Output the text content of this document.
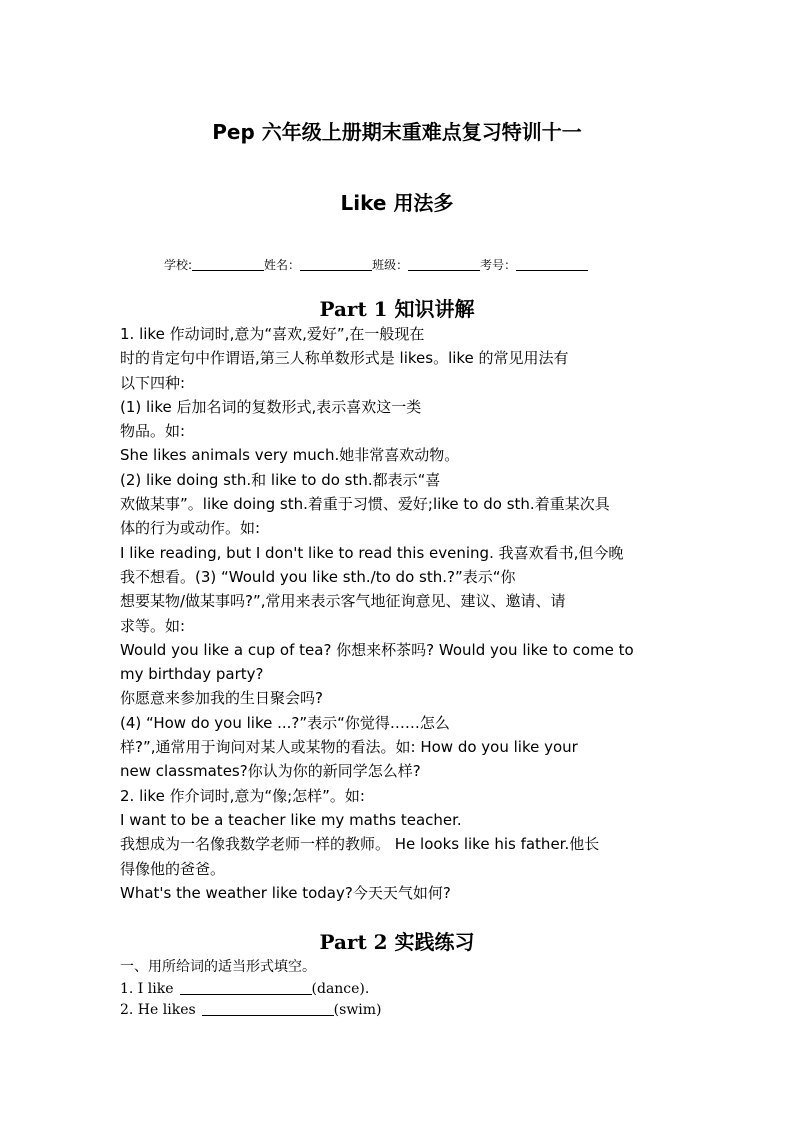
Pep 六年级上册期末重难点复习特训十一
Like 用法多
学校:	姓名：	班级：	考号：
Part 1 知识讲解
1. like 作动词时,意为“喜欢,爱好”,在一般现在
时的肯定句中作谓语,第三人称单数形式是 likes。like 的常见用法有
以下四种:
(1) like 后加名词的复数形式,表示喜欢这一类
物品。如:
She likes animals very much.她非常喜欢动物。
(2) like doing sth.和 like to do sth.都表示“喜
欢做某事”。like doing sth.着重于习惯、爱好;like to do sth.着重某次具
体的行为或动作。如:
I like reading, but I don't like to read this evening. 我喜欢看书,但今晚
我不想看。(3) “Would you like sth./to do sth.?”表示“你
想要某物/做某事吗?”,常用来表示客气地征询意见、建议、邀请、请
求等。如:
Would you like a cup of tea? 你想来杯茶吗? Would you like to come to
my birthday party?
你愿意来参加我的生日聚会吗?
(4) “How do you like ...?”表示“你觉得……怎么
样?”,通常用于询问对某人或某物的看法。如: How do you like your
new classmates?你认为你的新同学怎么样?
2. like 作介词时,意为“像;怎样”。如:
I want to be a teacher like my maths teacher.
我想成为一名像我数学老师一样的教师。 He looks like his father.他长
得像他的爸爸。
What's the weather like today?今天天气如何?
Part 2 实践练习
一、用所给词的适当形式填空。
1. I like	(dance).
2. He likes	(swim)
